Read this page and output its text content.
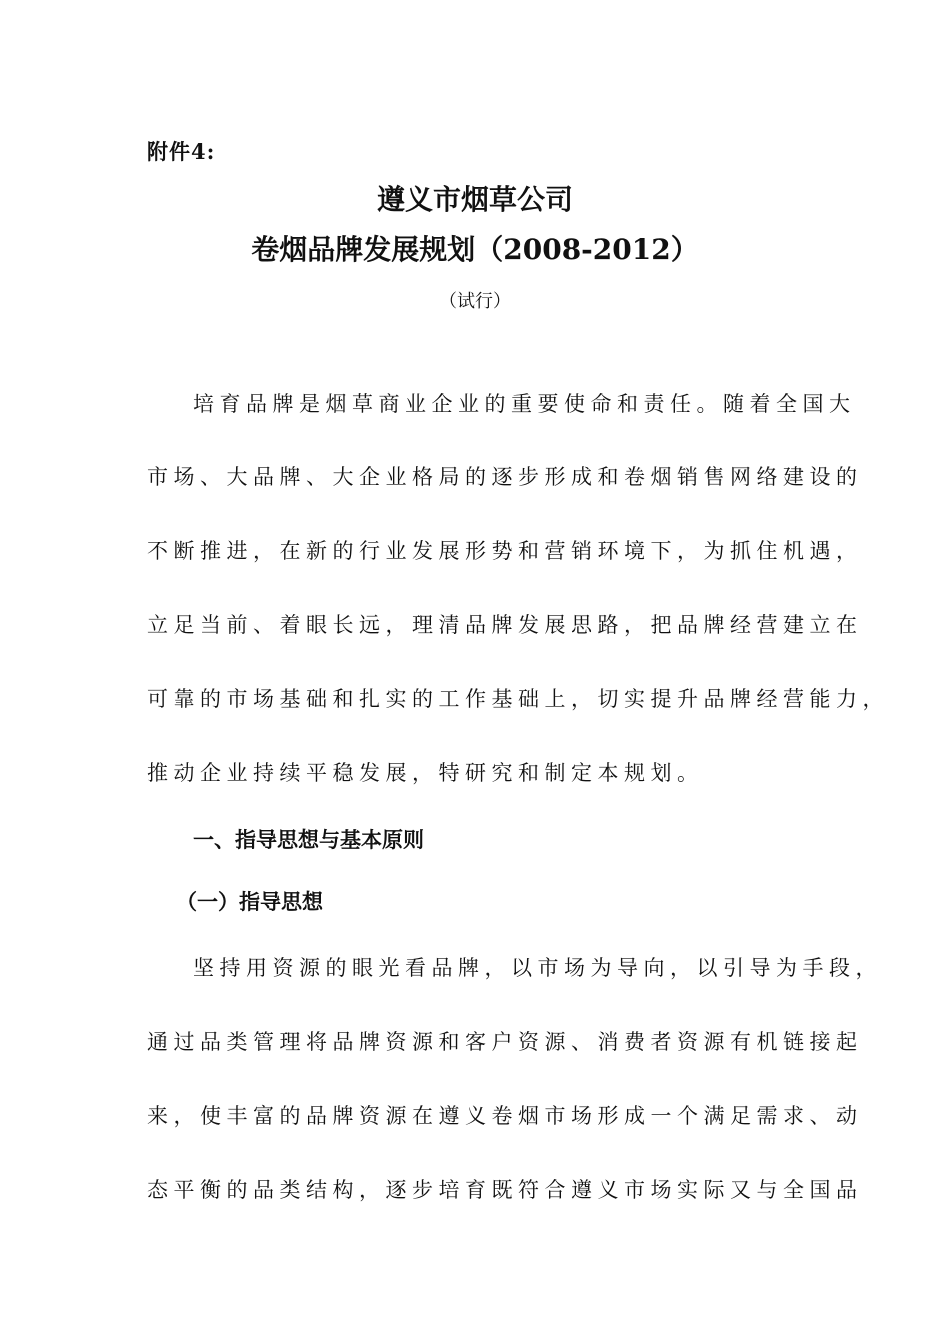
附件4:
遵义市烟草公司
卷烟品牌发展规划（2008-2012）
（试行）
培育品牌是烟草商业企业的重要使命和责任。随着全国大
市场、大品牌、大企业格局的逐步形成和卷烟销售网络建设的
不断推进，在新的行业发展形势和营销环境下，为抓住机遇，
立足当前、着眼长远，理清品牌发展思路，把品牌经营建立在
可靠的市场基础和扎实的工作基础上，切实提升品牌经营能力，
推动企业持续平稳发展，特研究和制定本规划。
一、指导思想与基本原则
（一）指导思想
坚持用资源的眼光看品牌，以市场为导向，以引导为手段，
通过品类管理将品牌资源和客户资源、消费者资源有机链接起
来，使丰富的品牌资源在遵义卷烟市场形成一个满足需求、动
态平衡的品类结构，逐步培育既符合遵义市场实际又与全国品
